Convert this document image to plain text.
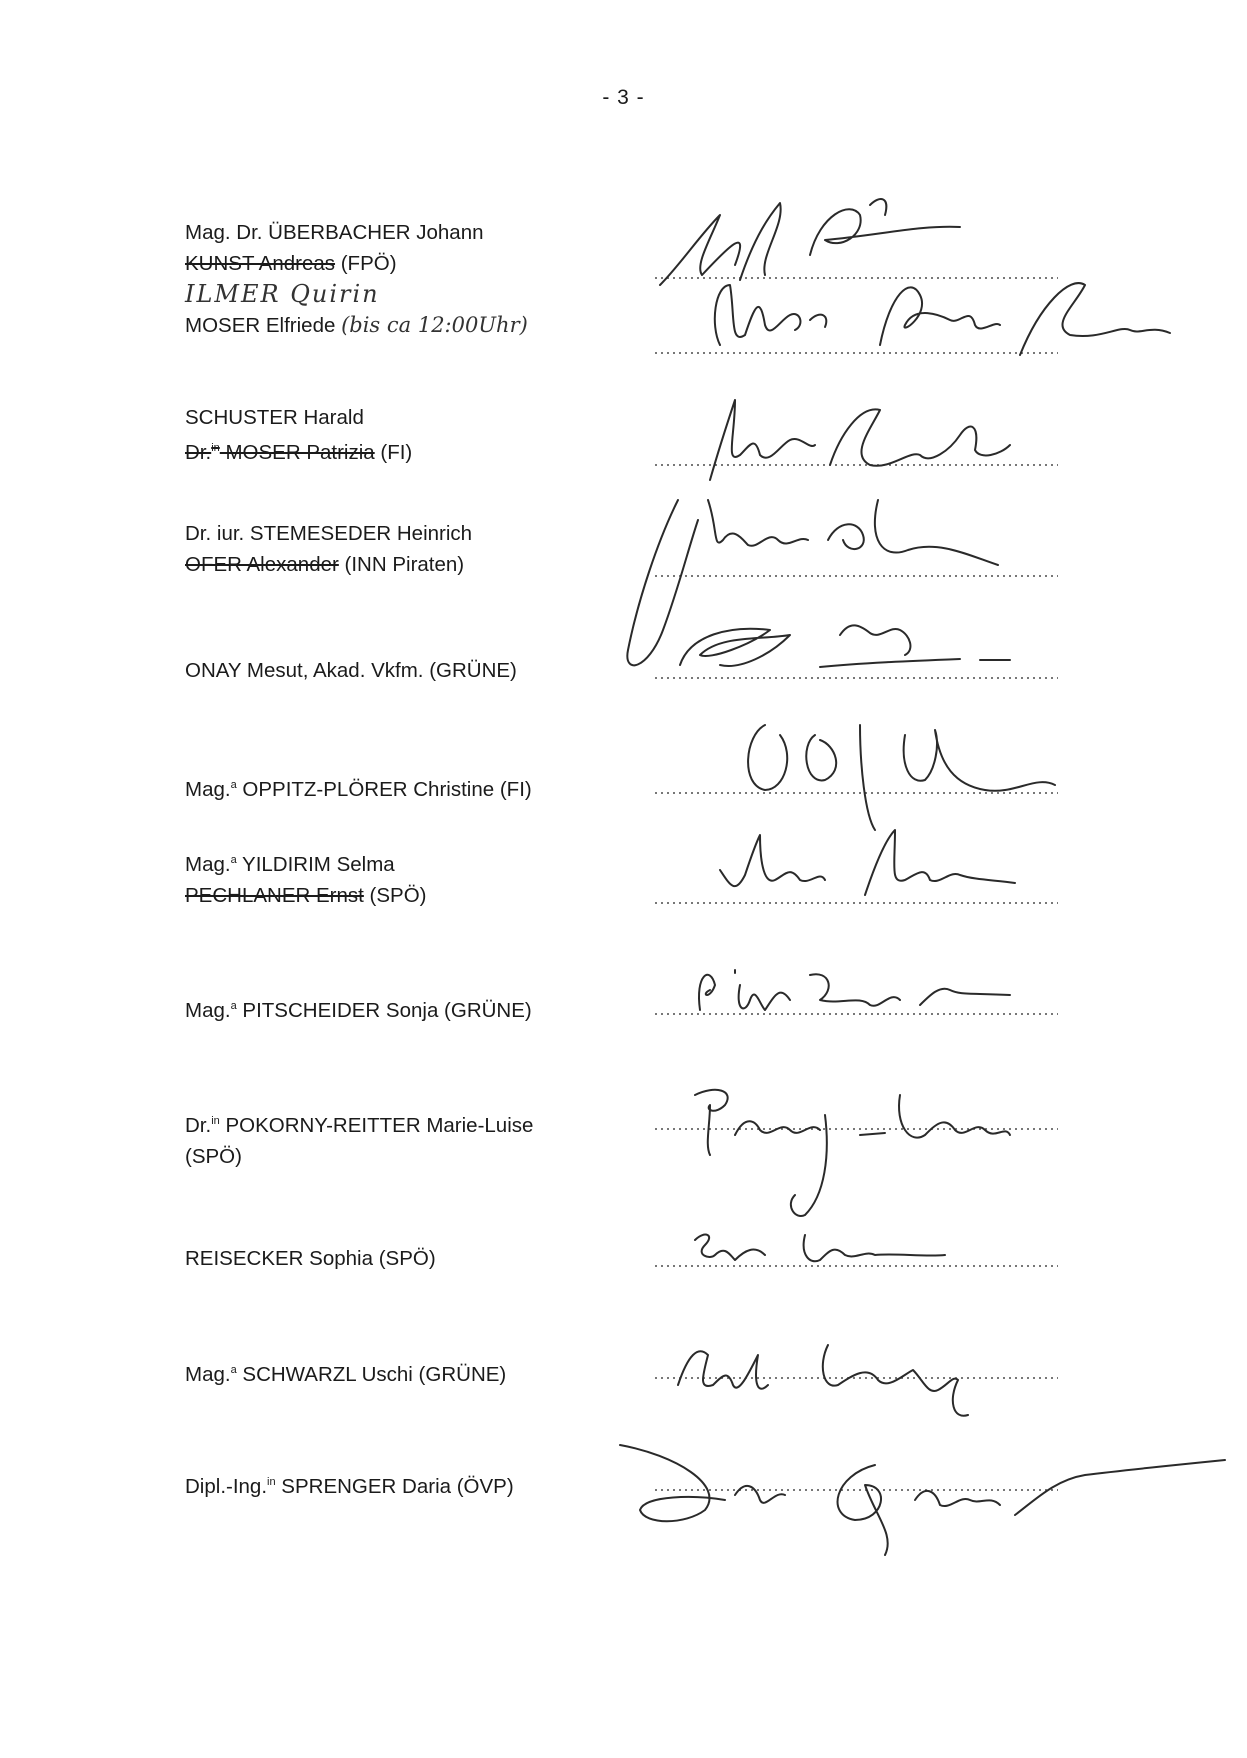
- 3 -
Mag. Dr. ÜBERBACHER Johann
KUNST Andreas (FPÖ)
ILMER Quirin
MOSER Elfriede (bis ca 12:00Uhr)
SCHUSTER Harald
Dr.$^{in}$ MOSER Patrizia (FI)
Dr. iur. STEMESEDER Heinrich
OFER Alexander (INN Piraten)
ONAY Mesut, Akad. Vkfm. (GRÜNE)
Mag.$^a$ OPPITZ-PLÖRER Christine (FI)
Mag.$^a$ YILDIRIM Selma
PECHLANER Ernst (SPÖ)
Mag.$^a$ PITSCHEIDER Sonja (GRÜNE)
Dr.$^{in}$ POKORNY-REITTER Marie-Luise
(SPÖ)
REISECKER Sophia (SPÖ)
Mag.$^a$ SCHWARZL Uschi (GRÜNE)
Dipl.-Ing.$^{in}$ SPRENGER Daria (ÖVP)
